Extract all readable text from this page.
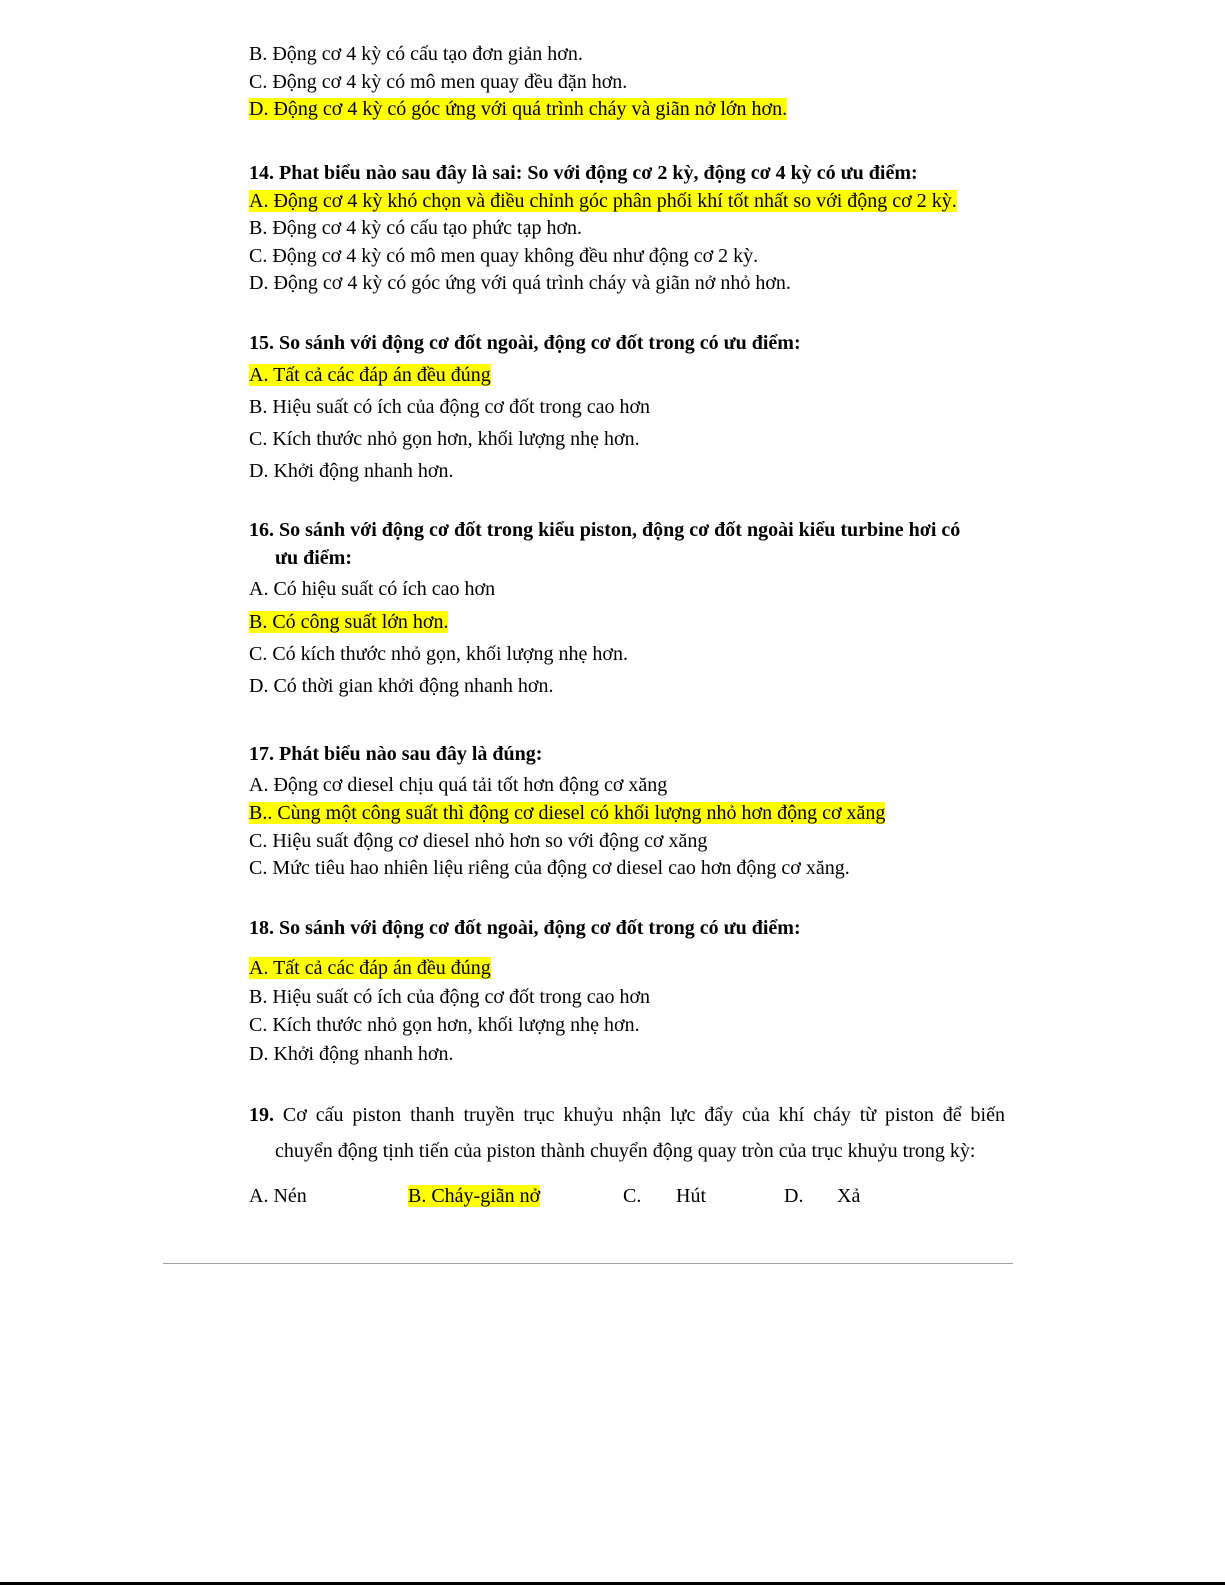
B. Động cơ 4 kỳ có cấu tạo đơn giản hơn.
C. Động cơ 4 kỳ có mô men quay đều đặn hơn.
D. Động cơ 4 kỳ có góc ứng với quá trình cháy và giãn nở lớn hơn.
14. Phat biểu nào sau đây là sai: So với động cơ 2 kỳ, động cơ 4 kỳ có ưu điểm:
A. Động cơ 4 kỳ khó chọn và điều chỉnh góc phân phối khí tốt nhất so với động cơ 2 kỳ.
B. Động cơ 4 kỳ có cấu tạo phức tạp hơn.
C. Động cơ 4 kỳ có mô men quay không đều như động cơ 2 kỳ.
D. Động cơ 4 kỳ có góc ứng với quá trình cháy và giãn nở nhỏ hơn.
15. So sánh với động cơ đốt ngoài, động cơ đốt trong có ưu điểm:
A. Tất cả các đáp án đều đúng
B. Hiệu suất có ích của động cơ đốt trong cao hơn
C. Kích thước nhỏ gọn hơn, khối lượng nhẹ hơn.
D. Khởi động nhanh hơn.
16. So sánh với động cơ đốt trong kiểu piston, động cơ đốt ngoài kiểu turbine hơi có
ưu điểm:
A. Có hiệu suất có ích cao hơn
B. Có công suất lớn hơn.
C. Có kích thước nhỏ gọn, khối lượng nhẹ hơn.
D. Có thời gian khởi động nhanh hơn.
17. Phát biểu nào sau đây là đúng:
A. Động cơ diesel chịu quá tải tốt hơn động cơ xăng
B.. Cùng một công suất thì động cơ diesel có khối lượng nhỏ hơn động cơ xăng
C. Hiệu suất động cơ diesel nhỏ hơn so với động cơ xăng
C. Mức tiêu hao nhiên liệu riêng của động cơ diesel cao hơn động cơ xăng.
18. So sánh với động cơ đốt ngoài, động cơ đốt trong có ưu điểm:
A. Tất cả các đáp án đều đúng
B. Hiệu suất có ích của động cơ đốt trong cao hơn
C. Kích thước nhỏ gọn hơn, khối lượng nhẹ hơn.
D. Khởi động nhanh hơn.
19. Cơ cấu piston thanh truyền trục khuỷu nhận lực đẩy của khí cháy từ piston để biến
chuyển động tịnh tiến của piston thành chuyển động quay tròn của trục khuỷu trong kỳ:
A. Nén	B. Cháy-giãn nở	C. Hút	D. Xả
